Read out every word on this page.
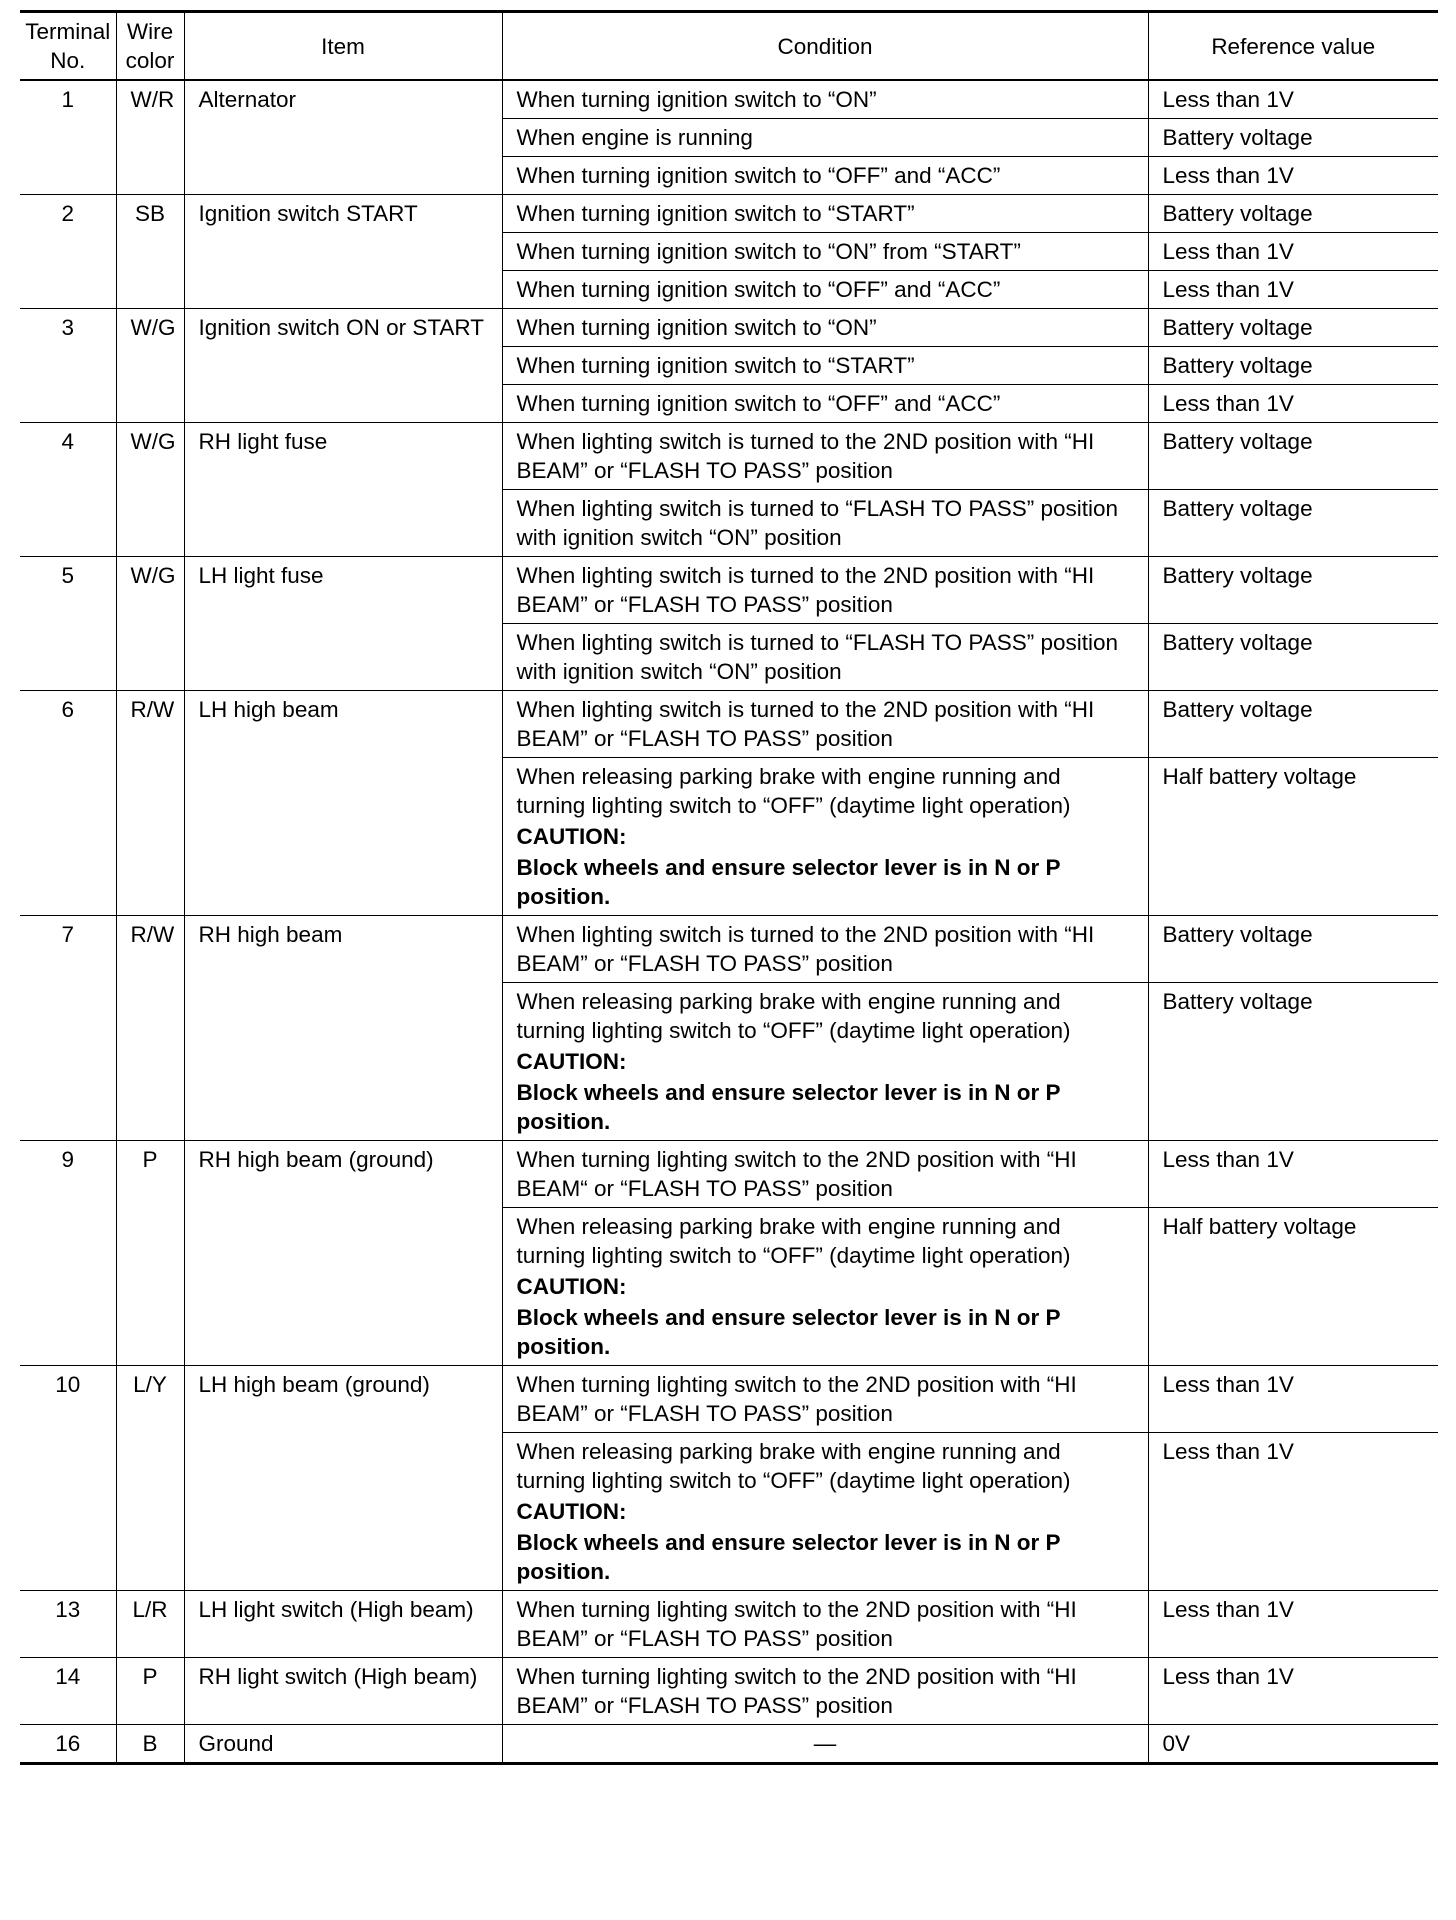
Terminal No.	Wire color	Item	Condition	Reference value
1	W/R	Alternator	When turning ignition switch to “ON”	Less than 1V

			When engine is running	Battery voltage

			When turning ignition switch to “OFF” and “ACC”	Less than 1V
2	SB	Ignition switch START	When turning ignition switch to “START”	Battery voltage

			When turning ignition switch to “ON” from “START”	Less than 1V

			When turning ignition switch to “OFF” and “ACC”	Less than 1V
3	W/G	Ignition switch ON or START	When turning ignition switch to “ON”	Battery voltage

			When turning ignition switch to “START”	Battery voltage

			When turning ignition switch to “OFF” and “ACC”	Less than 1V
4	W/G	RH light fuse	When lighting switch is turned to the 2ND position with “HI BEAM” or “FLASH TO PASS” position	Battery voltage

			When lighting switch is turned to “FLASH TO PASS” position with ignition switch “ON” position	Battery voltage
5	W/G	LH light fuse	When lighting switch is turned to the 2ND position with “HI BEAM” or “FLASH TO PASS” position	Battery voltage

			When lighting switch is turned to “FLASH TO PASS” position with ignition switch “ON” position	Battery voltage
6	R/W	LH high beam	When lighting switch is turned to the 2ND position with “HI BEAM” or “FLASH TO PASS” position	Battery voltage

			When releasing parking brake with engine running and turning lighting switch to “OFF” (daytime light operation)
CAUTION:
Block wheels and ensure selector lever is in N or P position.	Half battery voltage
7	R/W	RH high beam	When lighting switch is turned to the 2ND position with “HI BEAM” or “FLASH TO PASS” position	Battery voltage

			When releasing parking brake with engine running and turning lighting switch to “OFF” (daytime light operation)
CAUTION:
Block wheels and ensure selector lever is in N or P position.	Battery voltage
9	P	RH high beam (ground)	When turning lighting switch to the 2ND position with “HI BEAM“ or “FLASH TO PASS” position	Less than 1V

			When releasing parking brake with engine running and turning lighting switch to “OFF” (daytime light operation)
CAUTION:
Block wheels and ensure selector lever is in N or P position.	Half battery voltage
10	L/Y	LH high beam (ground)	When turning lighting switch to the 2ND position with “HI BEAM” or “FLASH TO PASS” position	Less than 1V

			When releasing parking brake with engine running and turning lighting switch to “OFF” (daytime light operation)
CAUTION:
Block wheels and ensure selector lever is in N or P position.	Less than 1V
13	L/R	LH light switch (High beam)	When turning lighting switch to the 2ND position with “HI BEAM” or “FLASH TO PASS” position	Less than 1V
14	P	RH light switch (High beam)	When turning lighting switch to the 2ND position with “HI BEAM” or “FLASH TO PASS” position	Less than 1V
16	B	Ground	—	0V
